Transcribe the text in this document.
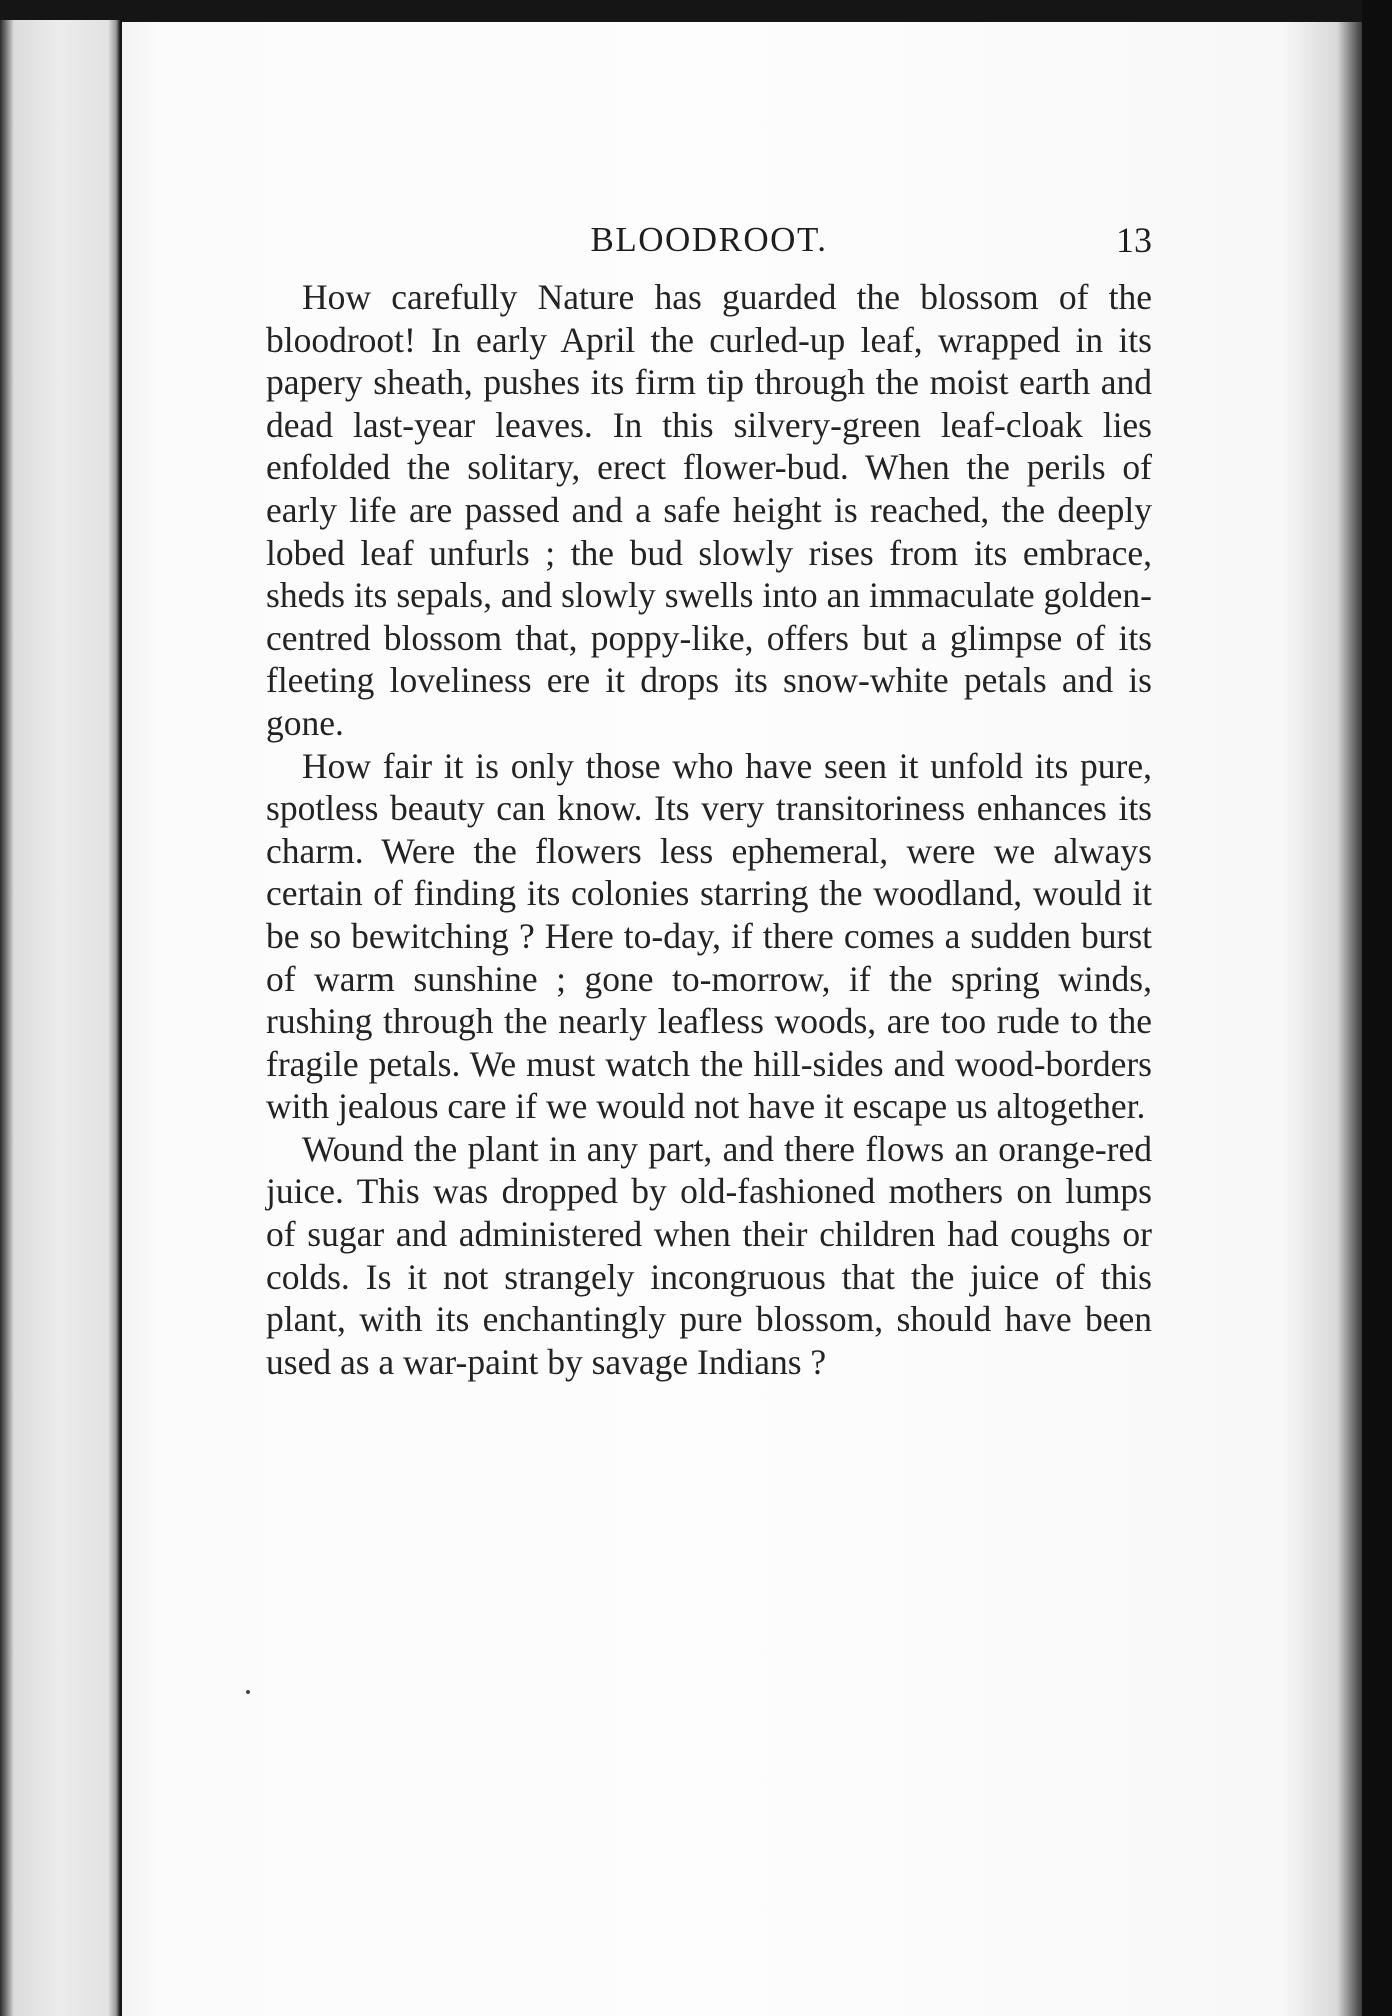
BLOODROOT.	13

How carefully Nature has guarded the blossom of the bloodroot! In early April the curled-up leaf, wrapped in its papery sheath, pushes its firm tip through the moist earth and dead last-year leaves. In this silvery-green leaf-cloak lies enfolded the solitary, erect flower-bud. When the perils of early life are passed and a safe height is reached, the deeply lobed leaf unfurls ; the bud slowly rises from its embrace, sheds its sepals, and slowly swells into an immaculate golden-centred blossom that, poppy-like, offers but a glimpse of its fleeting loveliness ere it drops its snow-white petals and is gone.

How fair it is only those who have seen it unfold its pure, spotless beauty can know. Its very transitoriness enhances its charm. Were the flowers less ephemeral, were we always certain of finding its colonies starring the woodland, would it be so bewitching ? Here to-day, if there comes a sudden burst of warm sunshine ; gone to-morrow, if the spring winds, rushing through the nearly leafless woods, are too rude to the fragile petals. We must watch the hill-sides and wood-borders with jealous care if we would not have it escape us altogether.

Wound the plant in any part, and there flows an orange-red juice. This was dropped by old-fashioned mothers on lumps of sugar and administered when their children had coughs or colds. Is it not strangely incongruous that the juice of this plant, with its enchantingly pure blossom, should have been used as a war-paint by savage Indians ?
